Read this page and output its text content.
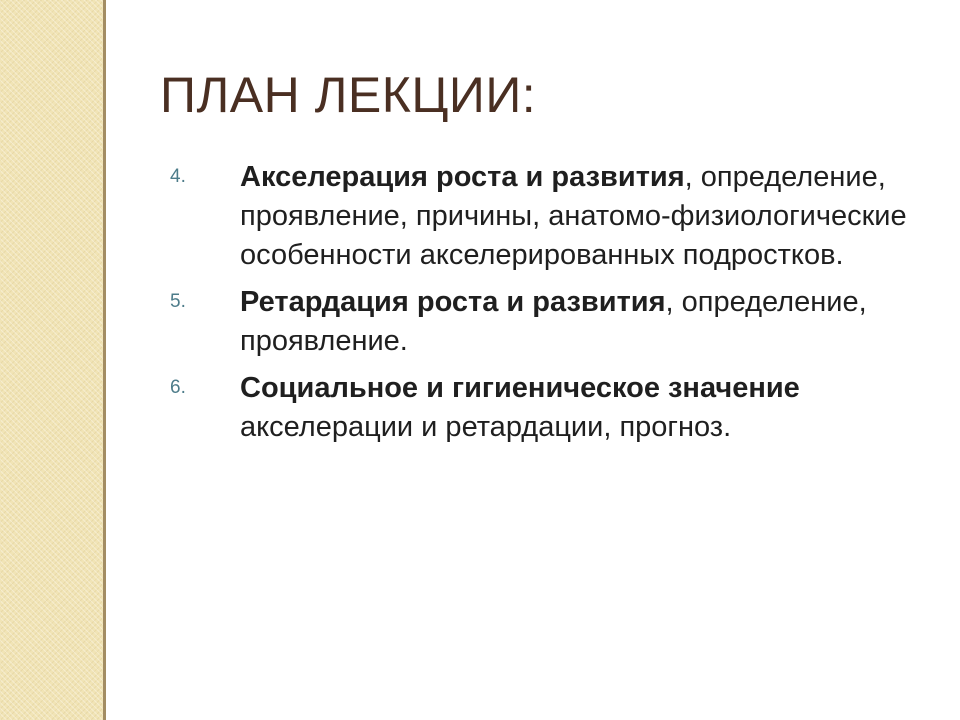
ПЛАН ЛЕКЦИИ:
4. Акселерация роста и развития, определение, проявление, причины, анатомо-физиологические особенности акселерированных подростков.
5. Ретардация роста и развития, определение, проявление.
6. Социальное и гигиеническое значение акселерации и ретардации, прогноз.
